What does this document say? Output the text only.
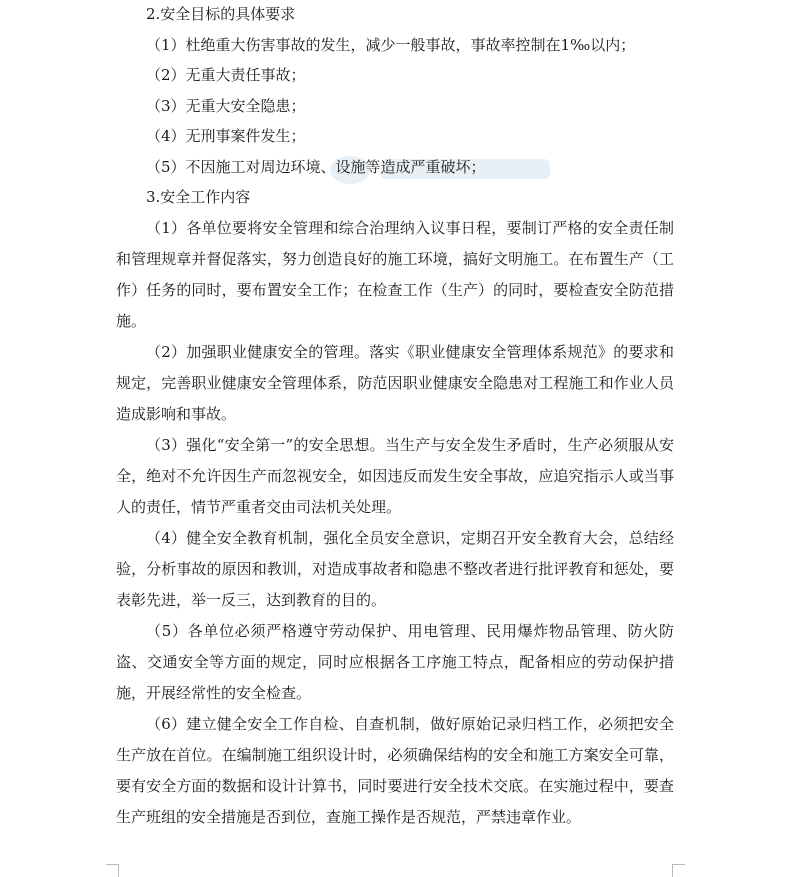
2.安全目标的具体要求
（1）杜绝重大伤害事故的发生，减少一般事故，事故率控制在1‰以内；
（2）无重大责任事故；
（3）无重大安全隐患；
（4）无刑事案件发生；
（5）不因施工对周边环境、设施等造成严重破坏；
3.安全工作内容
（1）各单位要将安全管理和综合治理纳入议事日程，要制订严格的安全责任制和管理规章并督促落实，努力创造良好的施工环境，搞好文明施工。在布置生产（工作）任务的同时，要布置安全工作；在检查工作（生产）的同时，要检查安全防范措施。
（2）加强职业健康安全的管理。落实《职业健康安全管理体系规范》的要求和规定，完善职业健康安全管理体系，防范因职业健康安全隐患对工程施工和作业人员造成影响和事故。
（3）强化“安全第一”的安全思想。当生产与安全发生矛盾时，生产必须服从安全，绝对不允许因生产而忽视安全，如因违反而发生安全事故，应追究指示人或当事人的责任，情节严重者交由司法机关处理。
（4）健全安全教育机制，强化全员安全意识，定期召开安全教育大会，总结经验，分析事故的原因和教训，对造成事故者和隐患不整改者进行批评教育和惩处，要表彰先进，举一反三，达到教育的目的。
（5）各单位必须严格遵守劳动保护、用电管理、民用爆炸物品管理、防火防盗、交通安全等方面的规定，同时应根据各工序施工特点，配备相应的劳动保护措施，开展经常性的安全检查。
（6）建立健全安全工作自检、自查机制，做好原始记录归档工作，必须把安全生产放在首位。在编制施工组织设计时，必须确保结构的安全和施工方案安全可靠，要有安全方面的数据和设计计算书，同时要进行安全技术交底。在实施过程中，要查生产班组的安全措施是否到位，查施工操作是否规范，严禁违章作业。
